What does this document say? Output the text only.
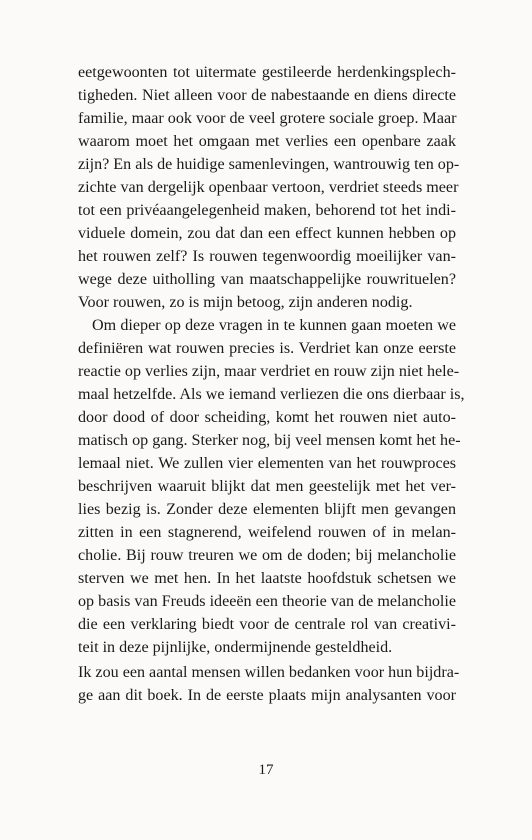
eetgewoonten tot uitermate gestileerde herdenkingsplech-
tigheden. Niet alleen voor de nabestaande en diens directe
familie, maar ook voor de veel grotere sociale groep. Maar
waarom moet het omgaan met verlies een openbare zaak
zijn? En als de huidige samenlevingen, wantrouwig ten op-
zichte van dergelijk openbaar vertoon, verdriet steeds meer
tot een privéaangelegenheid maken, behorend tot het indi-
viduele domein, zou dat dan een effect kunnen hebben op
het rouwen zelf? Is rouwen tegenwoordig moeilijker van-
wege deze uitholling van maatschappelijke rouwrituelen?
Voor rouwen, zo is mijn betoog, zijn anderen nodig.
Om dieper op deze vragen in te kunnen gaan moeten we
definiëren wat rouwen precies is. Verdriet kan onze eerste
reactie op verlies zijn, maar verdriet en rouw zijn niet hele-
maal hetzelfde. Als we iemand verliezen die ons dierbaar is,
door dood of door scheiding, komt het rouwen niet auto-
matisch op gang. Sterker nog, bij veel mensen komt het he-
lemaal niet. We zullen vier elementen van het rouwproces
beschrijven waaruit blijkt dat men geestelijk met het ver-
lies bezig is. Zonder deze elementen blijft men gevangen
zitten in een stagnerend, weifelend rouwen of in melan-
cholie. Bij rouw treuren we om de doden; bij melancholie
sterven we met hen. In het laatste hoofdstuk schetsen we
op basis van Freuds ideeën een theorie van de melancholie
die een verklaring biedt voor de centrale rol van creativi-
teit in deze pijnlijke, ondermijnende gesteldheid.
Ik zou een aantal mensen willen bedanken voor hun bijdra-
ge aan dit boek. In de eerste plaats mijn analysanten voor
17
